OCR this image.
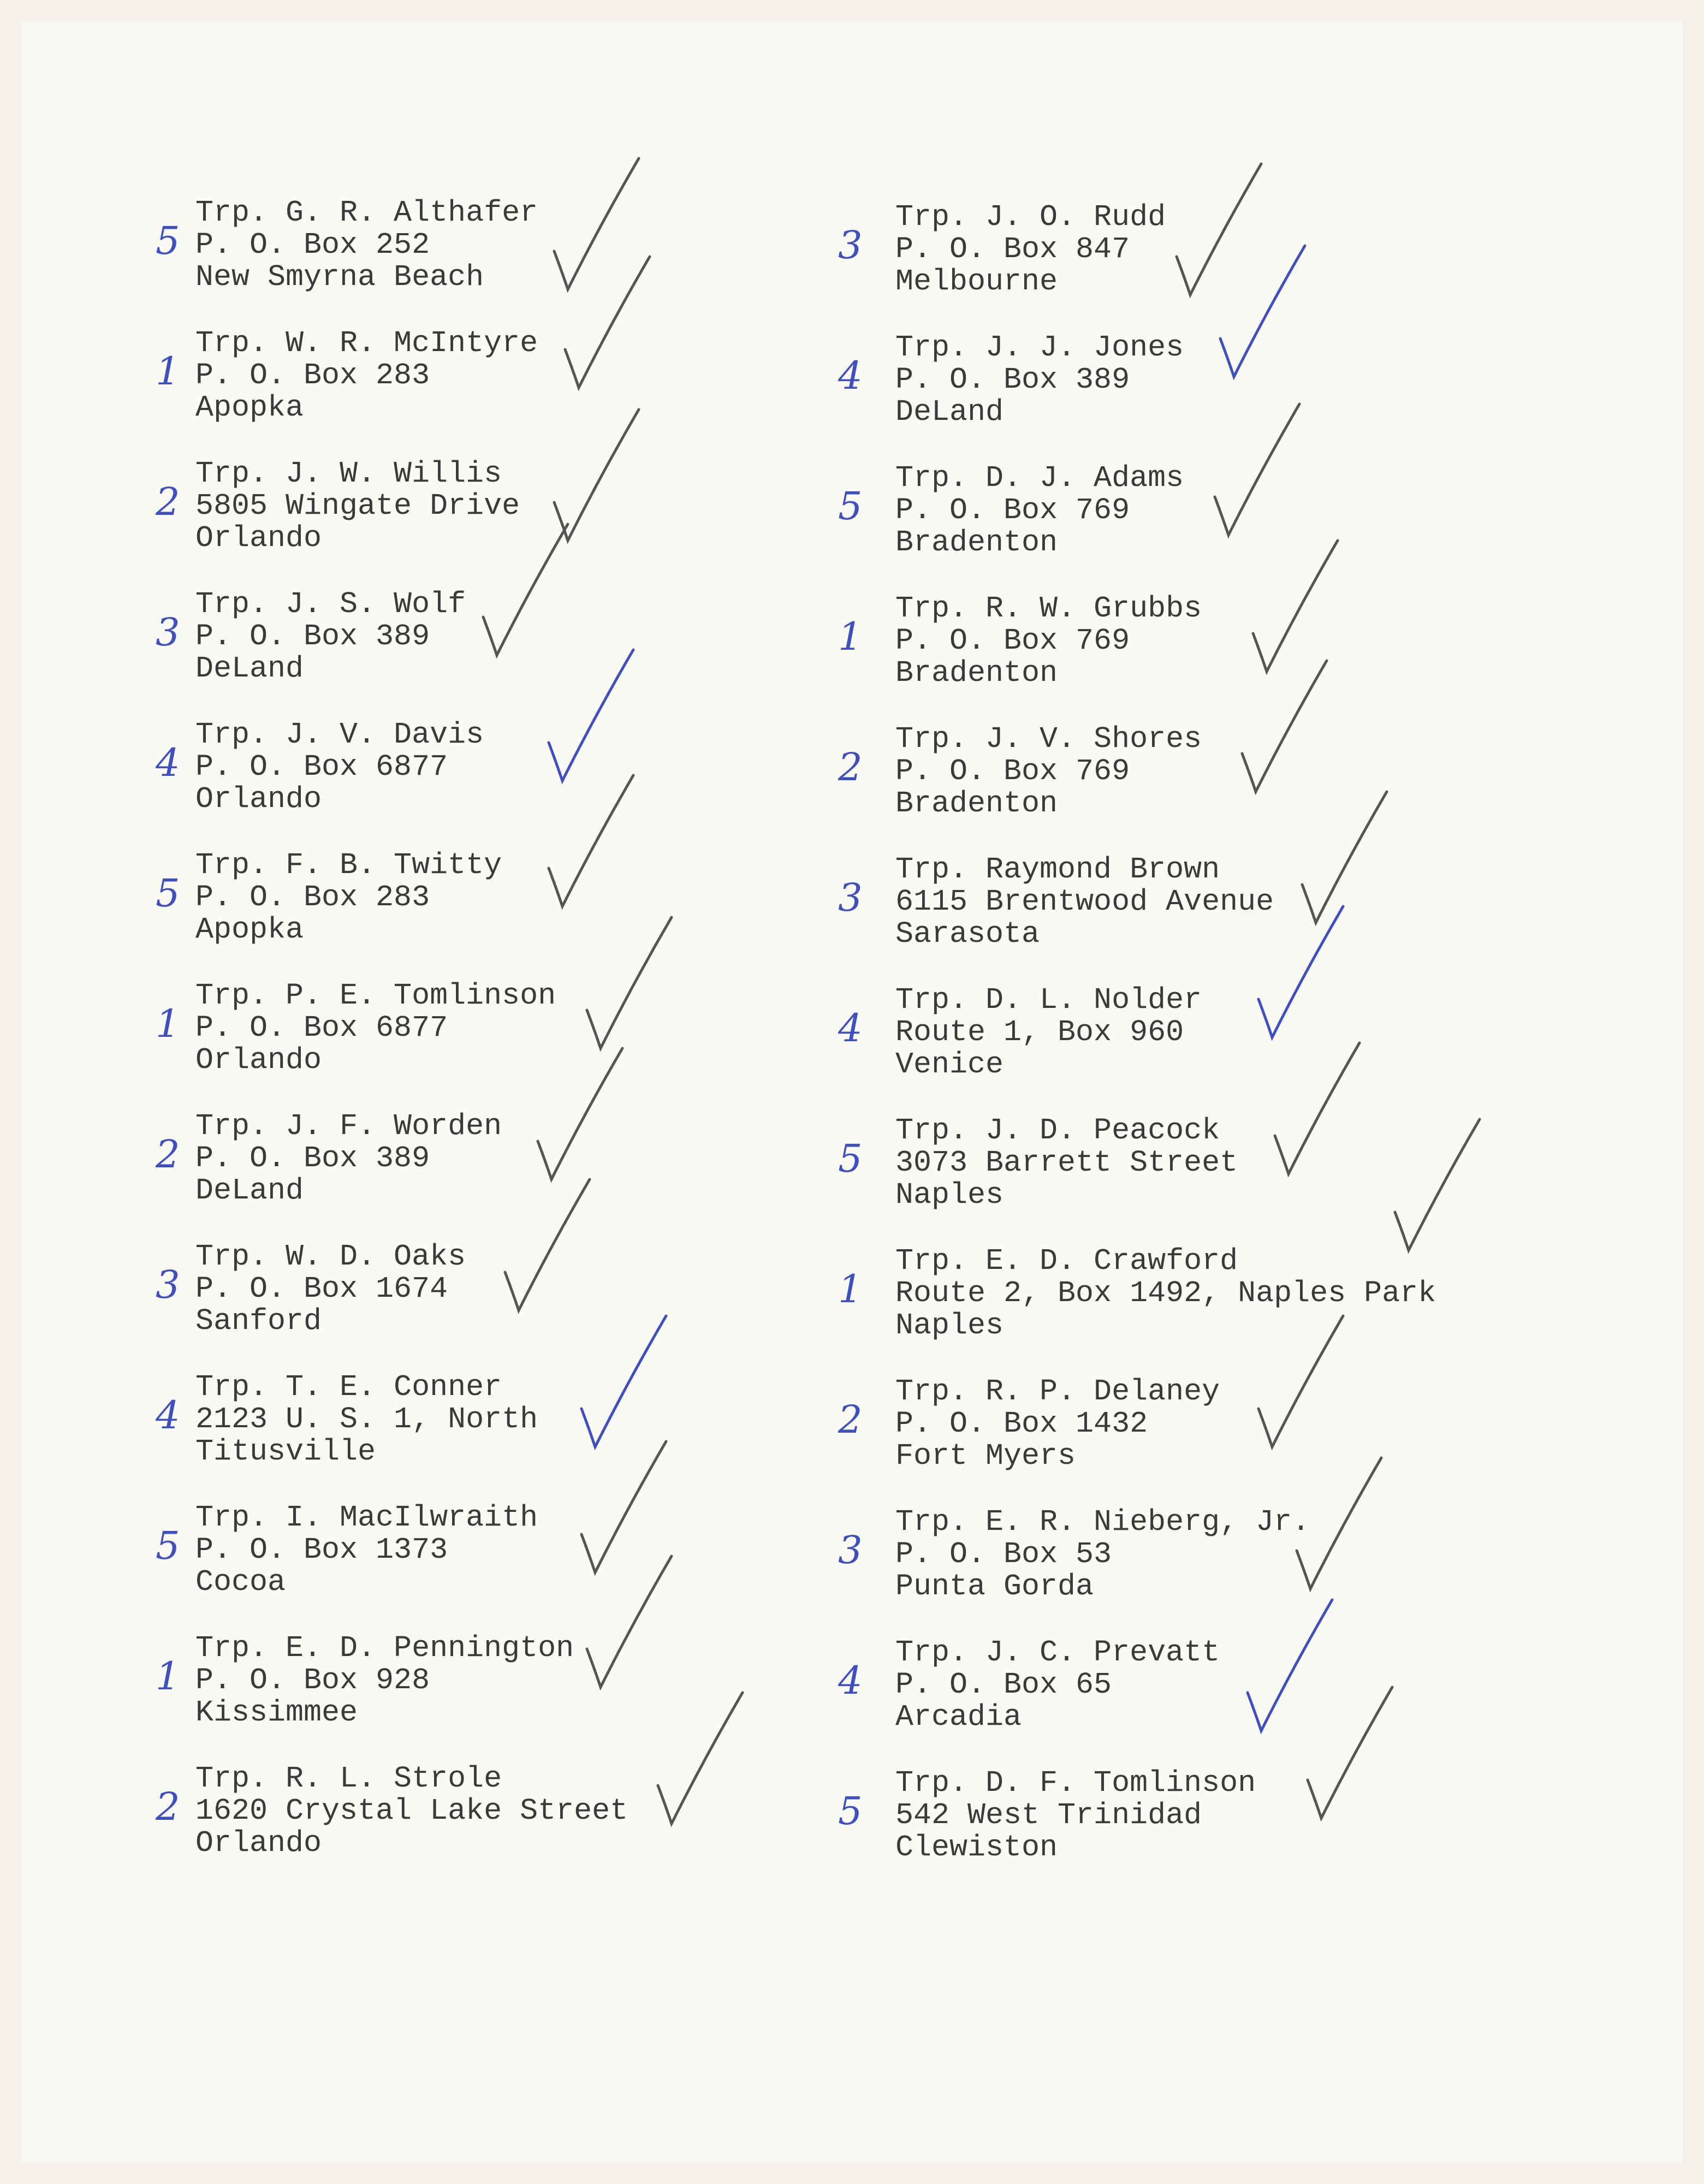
Trp. G. R. Althafer
P. O. Box 252
New Smyrna Beach
5
Trp. W. R. McIntyre
P. O. Box 283
Apopka
1
Trp. J. W. Willis
5805 Wingate Drive
Orlando
2
Trp. J. S. Wolf
P. O. Box 389
DeLand
3
Trp. J. V. Davis
P. O. Box 6877
Orlando
4
Trp. F. B. Twitty
P. O. Box 283
Apopka
5
Trp. P. E. Tomlinson
P. O. Box 6877
Orlando
1
Trp. J. F. Worden
P. O. Box 389
DeLand
2
Trp. W. D. Oaks
P. O. Box 1674
Sanford
3
Trp. T. E. Conner
2123 U. S. 1, North
Titusville
4
Trp. I. MacIlwraith
P. O. Box 1373
Cocoa
5
Trp. E. D. Pennington
P. O. Box 928
Kissimmee
1
Trp. R. L. Strole
1620 Crystal Lake Street
Orlando
2
Trp. J. O. Rudd
P. O. Box 847
Melbourne
3
Trp. J. J. Jones
P. O. Box 389
DeLand
4
Trp. D. J. Adams
P. O. Box 769
Bradenton
5
Trp. R. W. Grubbs
P. O. Box 769
Bradenton
1
Trp. J. V. Shores
P. O. Box 769
Bradenton
2
Trp. Raymond Brown
6115 Brentwood Avenue
Sarasota
3
Trp. D. L. Nolder
Route 1, Box 960
Venice
4
Trp. J. D. Peacock
3073 Barrett Street
Naples
5
Trp. E. D. Crawford
Route 2, Box 1492, Naples Park
Naples
1
Trp. R. P. Delaney
P. O. Box 1432
Fort Myers
2
Trp. E. R. Nieberg, Jr.
P. O. Box 53
Punta Gorda
3
Trp. J. C. Prevatt
P. O. Box 65
Arcadia
4
Trp. D. F. Tomlinson
542 West Trinidad
Clewiston
5
